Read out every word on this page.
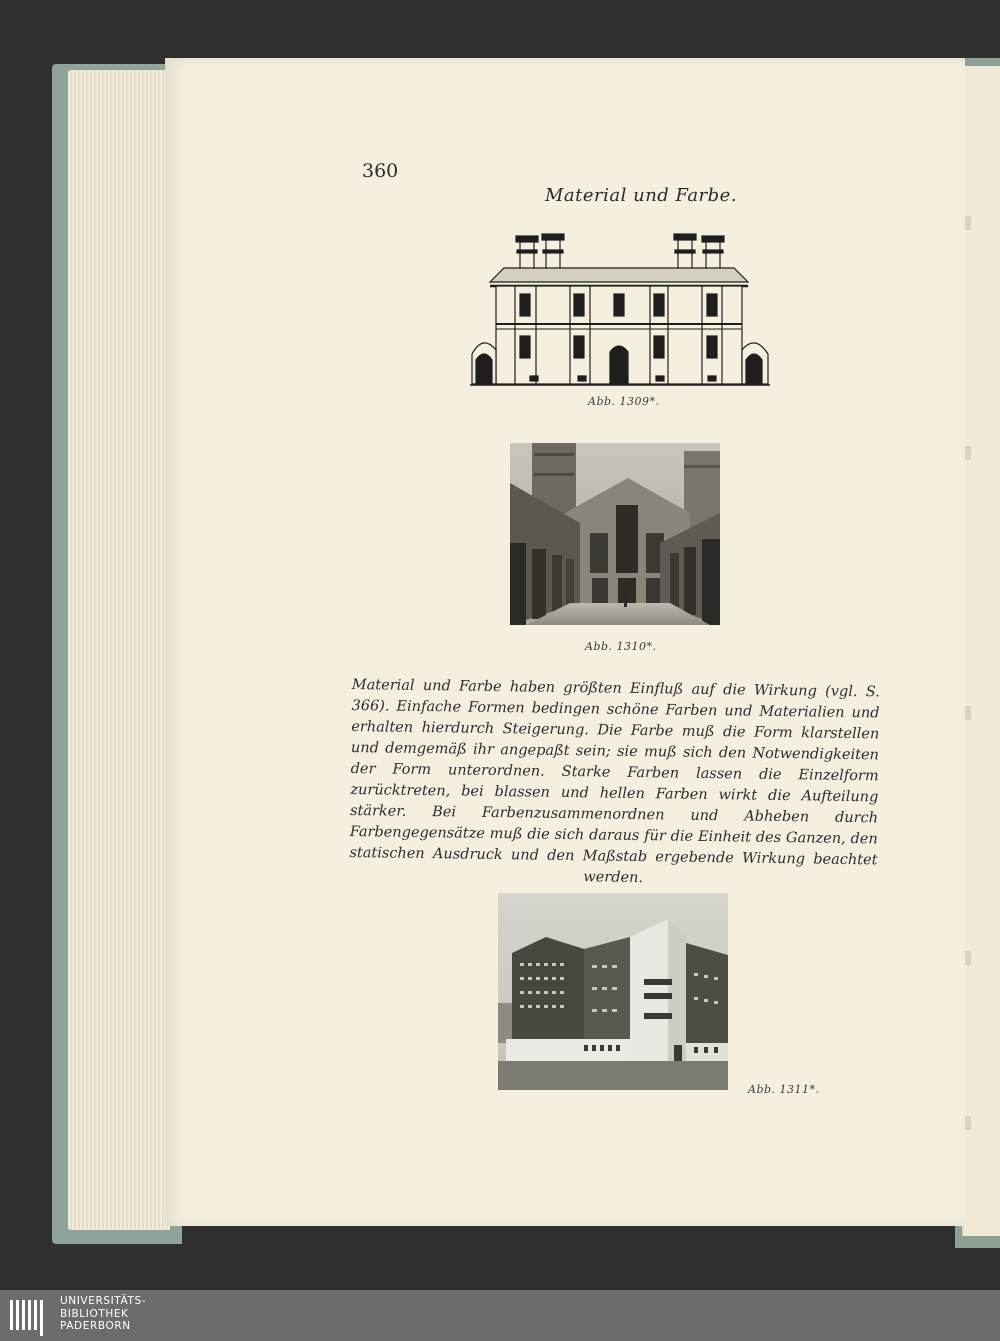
360
Material und Farbe.
Abb. 1309*.
Abb. 1310*.
Material und Farbe haben größten Einfluß auf die Wirkung (vgl. S. 366). Einfache Formen bedingen schöne Farben und Materialien und erhalten hierdurch Steigerung. Die Farbe muß die Form klarstellen und demgemäß ihr angepaßt sein; sie muß sich den Notwendigkeiten der Form unterordnen. Starke Farben lassen die Einzelform zurücktreten, bei blassen und hellen Farben wirkt die Aufteilung stärker. Bei Farbenzusammenordnen und Abheben durch Farbengegensätze muß die sich daraus für die Einheit des Ganzen, den statischen Ausdruck und den Maßstab ergebende Wirkung beachtet werden.
Abb. 1311*.
UNIVERSITÄTS-
BIBLIOTHEK
PADERBORN
